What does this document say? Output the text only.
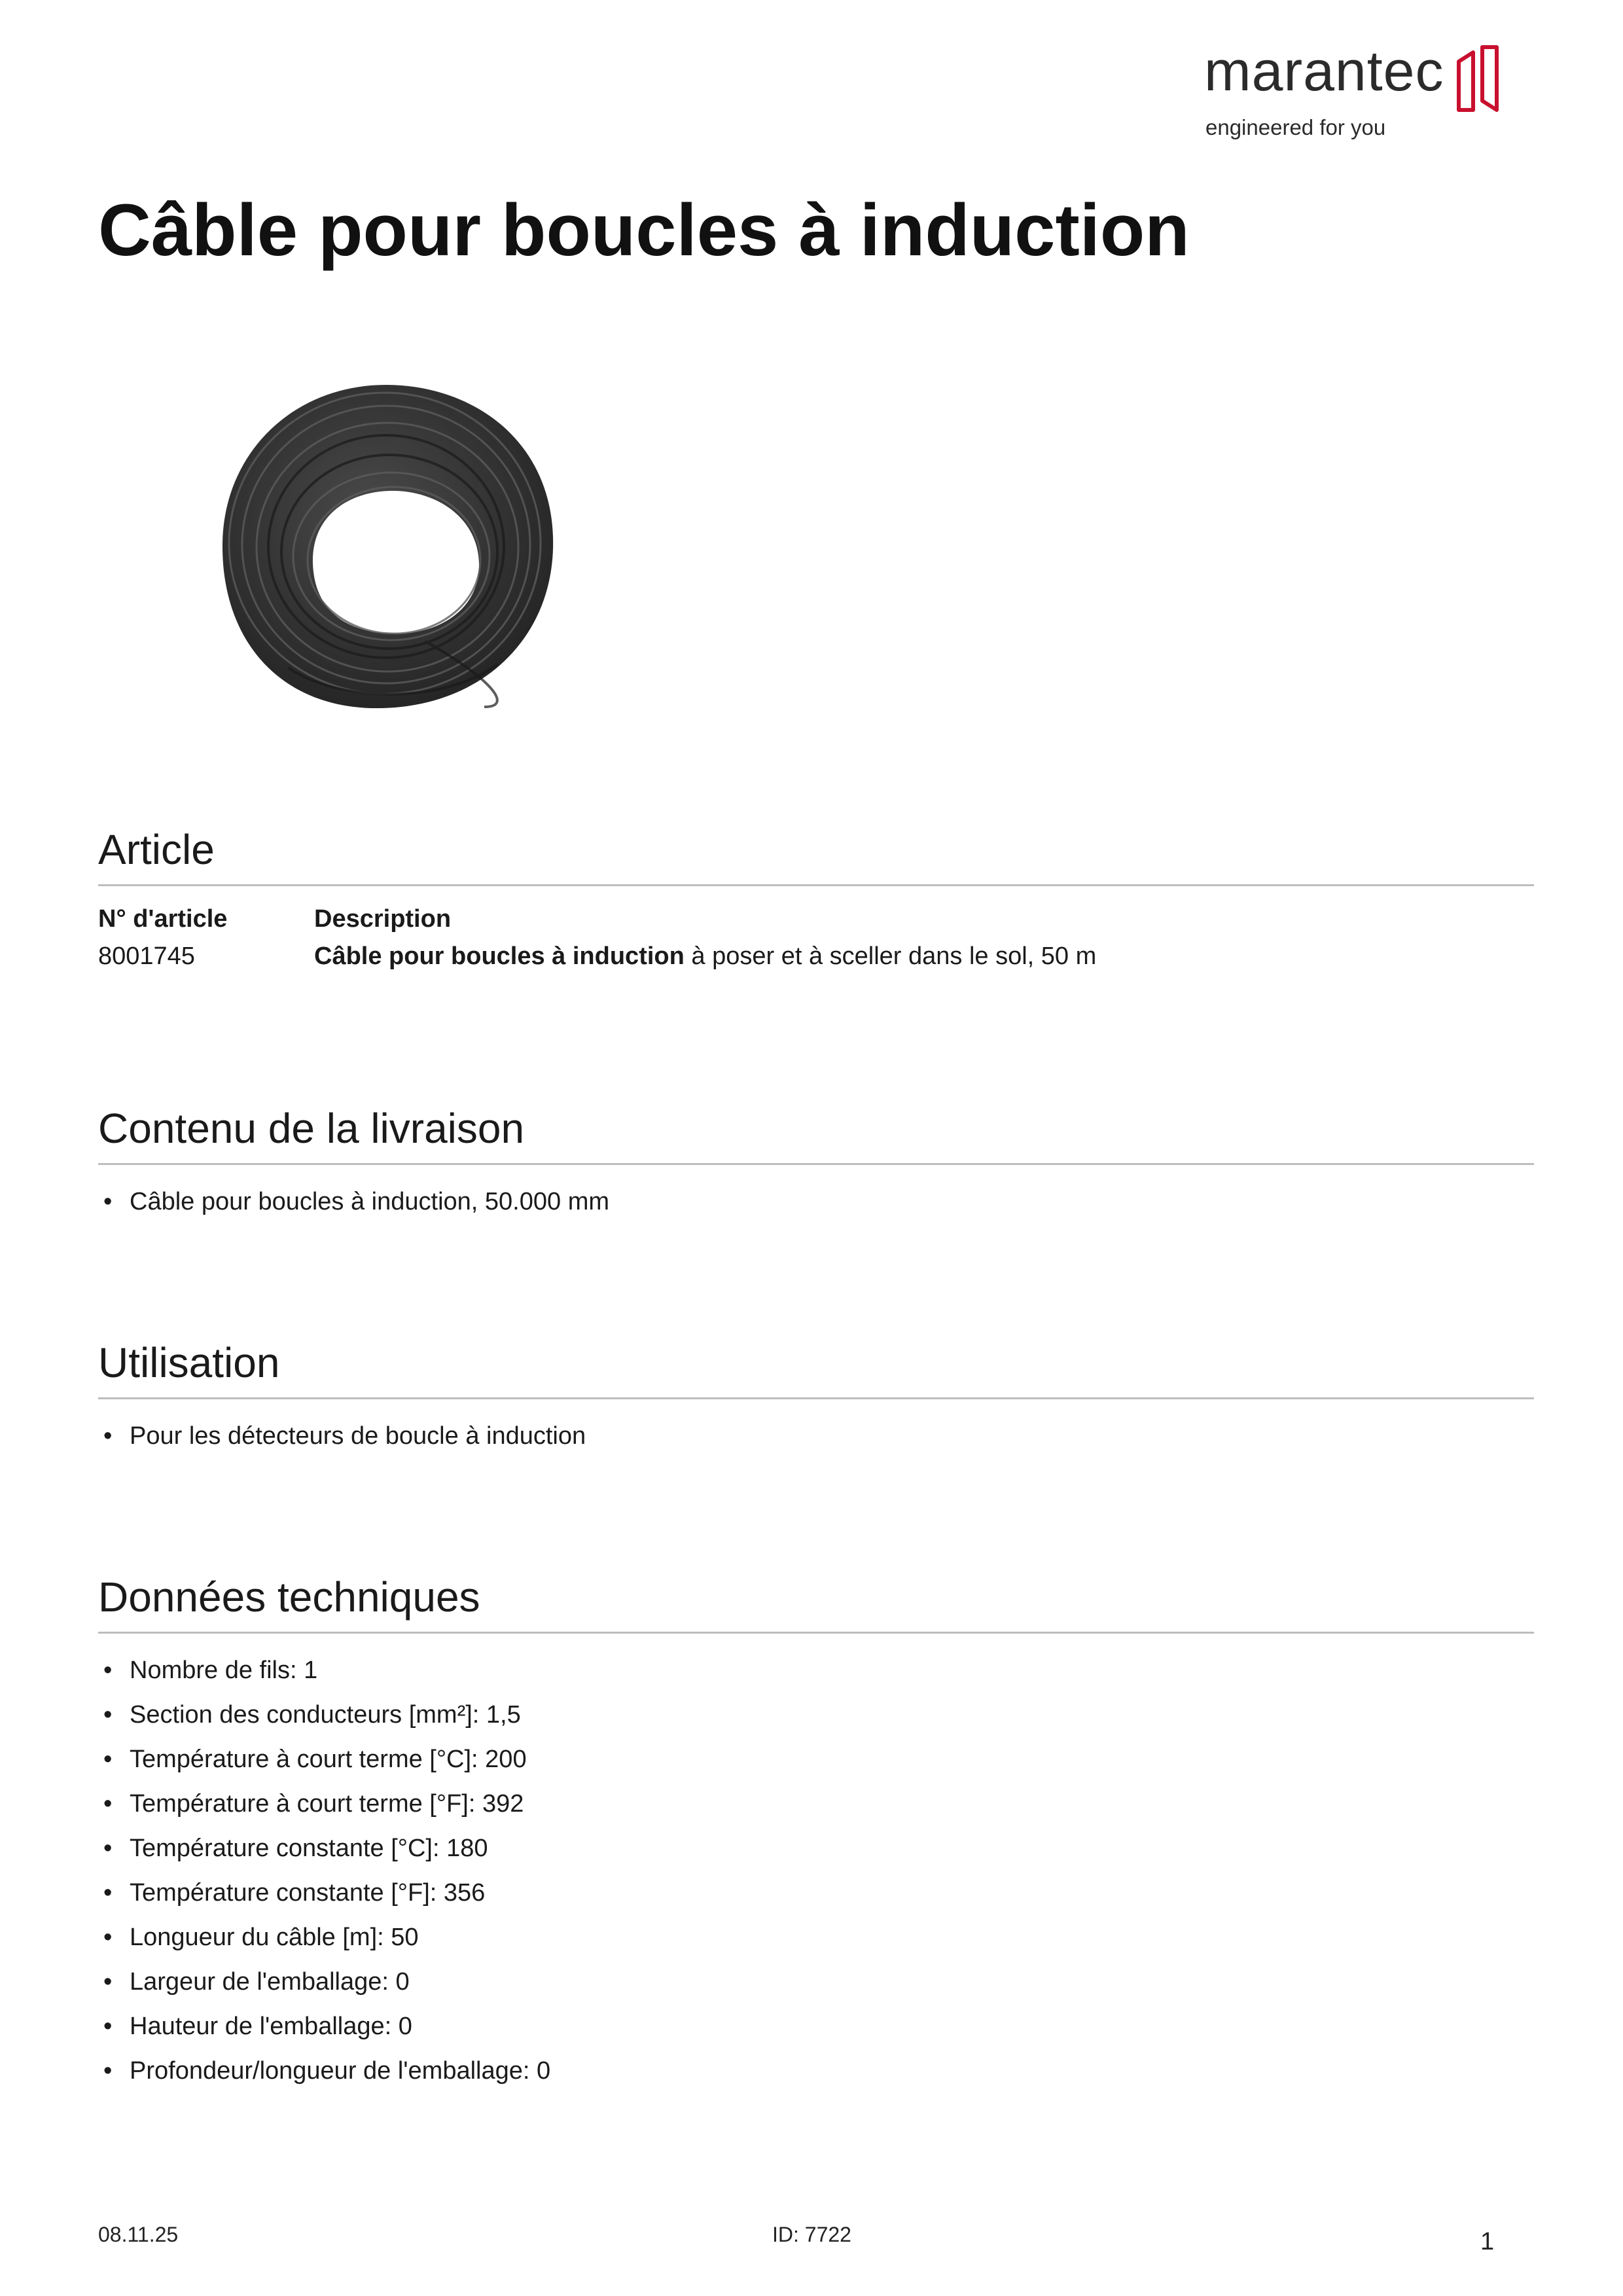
marantec
engineered for you
Câble pour boucles à induction
Article
N° d'article	Description
8001745	Câble pour boucles à induction à poser et à sceller dans le sol, 50 m
Contenu de la livraison
• Câble pour boucles à induction, 50.000 mm
Utilisation
• Pour les détecteurs de boucle à induction
Données techniques
• Nombre de fils: 1
• Section des conducteurs [mm²]: 1,5
• Température à court terme [°C]: 200
• Température à court terme [°F]: 392
• Température constante [°C]: 180
• Température constante [°F]: 356
• Longueur du câble [m]: 50
• Largeur de l'emballage: 0
• Hauteur de l'emballage: 0
• Profondeur/longueur de l'emballage: 0
08.11.25	ID: 7722	1
